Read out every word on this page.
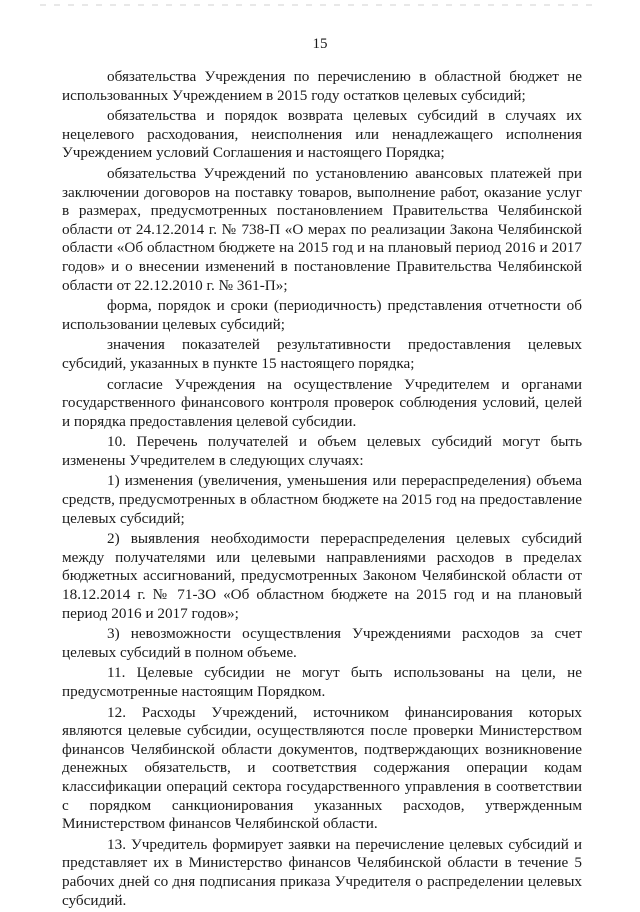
15

обязательства Учреждения по перечислению в областной бюджет не использованных Учреждением в 2015 году остатков целевых субсидий;

обязательства и порядок возврата целевых субсидий в случаях их нецелевого расходования, неисполнения или ненадлежащего исполнения Учреждением условий Соглашения и настоящего Порядка;

обязательства Учреждений по установлению авансовых платежей при заключении договоров на поставку товаров, выполнение работ, оказание услуг в размерах, предусмотренных постановлением Правительства Челябинской области от 24.12.2014 г. № 738-П «О мерах по реализации Закона Челябинской области «Об областном бюджете на 2015 год и на плановый период 2016 и 2017 годов» и о внесении изменений в постановление Правительства Челябинской области от 22.12.2010 г. № 361-П»;

форма, порядок и сроки (периодичность) представления отчетности об использовании целевых субсидий;

значения показателей результативности предоставления целевых субсидий, указанных в пункте 15 настоящего порядка;

согласие Учреждения на осуществление Учредителем и органами государственного финансового контроля проверок соблюдения условий, целей и порядка предоставления целевой субсидии.

10. Перечень получателей и объем целевых субсидий могут быть изменены Учредителем в следующих случаях:

1) изменения (увеличения, уменьшения или перераспределения) объема средств, предусмотренных в областном бюджете на 2015 год на предоставление целевых субсидий;

2) выявления необходимости перераспределения целевых субсидий между получателями или целевыми направлениями расходов в пределах бюджетных ассигнований, предусмотренных Законом Челябинской области от 18.12.2014 г. № 71-ЗО «Об областном бюджете на 2015 год и на плановый период 2016 и 2017 годов»;

3) невозможности осуществления Учреждениями расходов за счет целевых субсидий в полном объеме.

11. Целевые субсидии не могут быть использованы на цели, не предусмотренные настоящим Порядком.

12. Расходы Учреждений, источником финансирования которых являются целевые субсидии, осуществляются после проверки Министерством финансов Челябинской области документов, подтверждающих возникновение денежных обязательств, и соответствия содержания операции кодам классификации операций сектора государственного управления в соответствии с порядком санкционирования указанных расходов, утвержденным Министерством финансов Челябинской области.

13. Учредитель формирует заявки на перечисление целевых субсидий и представляет их в Министерство финансов Челябинской области в течение 5 рабочих дней со дня подписания приказа Учредителя о распределении целевых субсидий.
